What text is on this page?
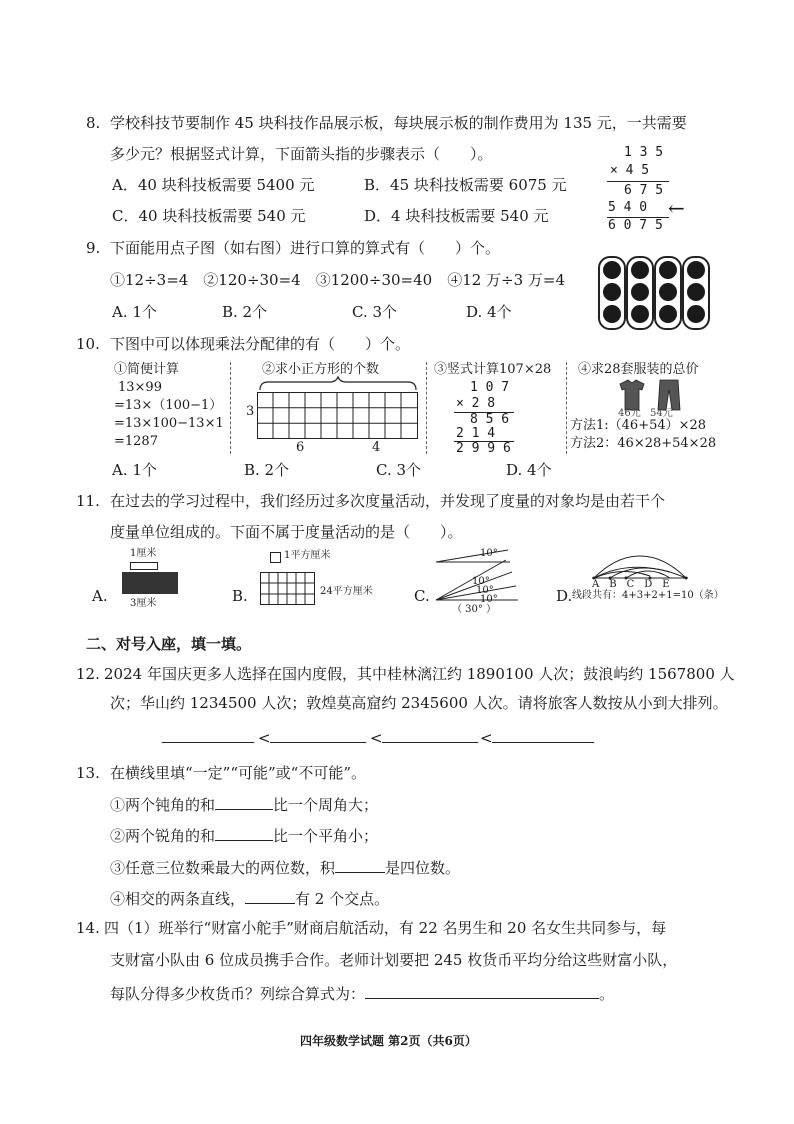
8. 学校科技节要制作 45 块科技作品展示板，每块展示板的制作费用为 135 元，一共需要
多少元？根据竖式计算，下面箭头指的步骤表示（　　）。
A．40 块科技板需要 5400 元	B．45 块科技板需要 6075 元
C．40 块科技板需要 540 元	D．4 块科技板需要 540 元
1 3 5
× 4 5
6 7 5
5 4 0
6 0 7 5
←
9. 下面能用点子图（如右图）进行口算的算式有（　　）个。
①12÷3=4　②120÷30=4　③1200÷30=40　④12 万÷3 万=4
A. 1个	B. 2个	C. 3个	D. 4个
10. 下图中可以体现乘法分配律的有（　　）个。
①简便计算
13×99
=13×（100−1）
=13×100−13×1
=1287
②求小正方形的个数
3
6	4
③竖式计算107×28
1 0 7
× 2 8
8 5 6
2 1 4
2 9 9 6
④求28套服装的总价
46元 54元
方法1:（46+54）×28
方法2：46×28+54×28
A. 1个	B. 2个	C. 3个	D. 4个
11. 在过去的学习过程中，我们经历过多次度量活动，并发现了度量的对象均是由若干个
度量单位组成的。下面不属于度量活动的是（　　）。
A.
1厘米
3厘米	B.
1平方厘米
24平方厘米	C.
10°
10°
10°
10°
（ 30° ）
D.
A　B　C　D　E
线段共有：4+3+2+1=10（条）
二、对号入座，填一填。
12. 2024 年国庆更多人选择在国内度假，其中桂林漓江约 1890100 人次；鼓浪屿约 1567800 人
次；华山约 1234500 人次；敦煌莫高窟约 2345600 人次。请将旅客人数按从小到大排列。
<	<	<
13. 在横线里填“一定”“可能”或“不可能”。
①两个钝角的和	比一个周角大；
②两个锐角的和	比一个平角小；
③任意三位数乘最大的两位数，积	是四位数。
④相交的两条直线，	有 2 个交点。
14. 四（1）班举行“财富小舵手”财商启航活动，有 22 名男生和 20 名女生共同参与，每
支财富小队由 6 位成员携手合作。老师计划要把 245 枚货币平均分给这些财富小队，
每队分得多少枚货币？列综合算式为：	。
四年级数学试题 第2页（共6页）
